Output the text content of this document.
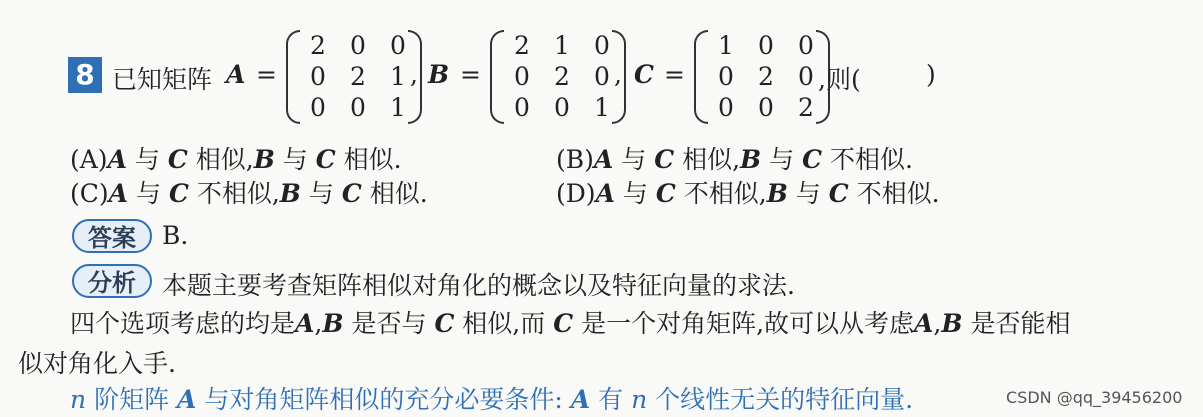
8 已知矩阵 A =
2 0 0
0 2 1
0 0 1
, B =
2 1 0
0 2 0
0 0 1
, C =
1 0 0
0 2 0
0 0 2
,则(	)
(A)A 与 C 相似,B 与 C 相似.	(B)A 与 C 相似,B 与 C 不相似.
(C)A 与 C 不相似,B 与 C 相似.	(D)A 与 C 不相似,B 与 C 不相似.
答案	B.
分析	本题主要考查矩阵相似对角化的概念以及特征向量的求法.
四个选项考虑的均是A,B 是否与 C 相似,而 C 是一个对角矩阵,故可以从考虑A,B 是否能相
似对角化入手.
n 阶矩阵 A 与对角矩阵相似的充分必要条件: A 有 n 个线性无关的特征向量.	CSDN @qq_39456200
